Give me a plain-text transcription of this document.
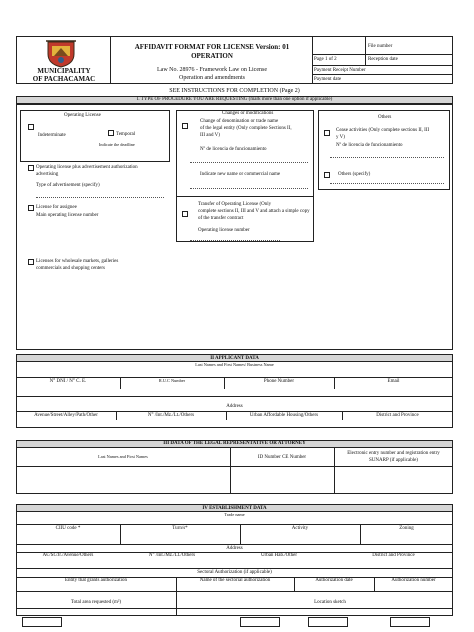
MUNICIPALITY
OF PACHACAMAC
AFFIDAVIT FORMAT FOR LICENSE Version: 01
OPERATION
Law No. 28976 - Framework Law on License
Operation and amendments
File number
Page 1 of 2	Reception date
Payment Receipt Number
Payment date
SEE INSTRUCTIONS FOR COMPLETION (Page 2)
I. TYPE OF PROCEDURE YOU ARE REQUESTING (mark more than one option if applicable)
Operating License
Indeterminate	Temporal
Indicate the deadline
Operating license plus advertisement authorization
advertising
Type of advertisement (specify)
License for assignee
Main operating license number
Licenses for wholesale markets, galleries
commercials and shopping centers
Changes or modifications
Change of denomination or trade name
of the legal entity (Only complete Sections II,
III and V)
Nº de licencia de funcionamiento
Indicate new name or commercial name
Transfer of Operating License (Only
complete sections II, III and V and attach a simple copy
of the transfer contract
Operating license number
Others
Cease activities (Only complete sections II, III
y V)
Nº de licencia de funcionamiento
Others (specify)
II APPLICANT DATA
Last Names and First Names/ Business Name
N° DNI / N° C. E.	R.U.C Number	Phone Number	Email
Address
Avenue/Street/Alley/Path/Other	N° /Int./Mz./Lt./Others	Urban Affordable Housing/Others	District and Province
III DATA OF THE LEGAL REPRESENTATIVE OR ATTORNEY
Last Names and First Names	ID Number CE Number
Electronic entry number and registration entry
SUNARP (if applicable)
IV ESTABLISHMENT DATA
Trade name
CIIU code *	Turn/s*	Activity	Zoning
Address
Av./St./Jr./Avenue/Others	N° /Int./Mz./Lt./Others	Urban Hab./Other	District and Province
Sectoral Authorization (if applicable)
Entity that grants authorization	Name of the sectorial authorization	Authorization date	Authorization number
Total area requested (m²)	Location sketch
